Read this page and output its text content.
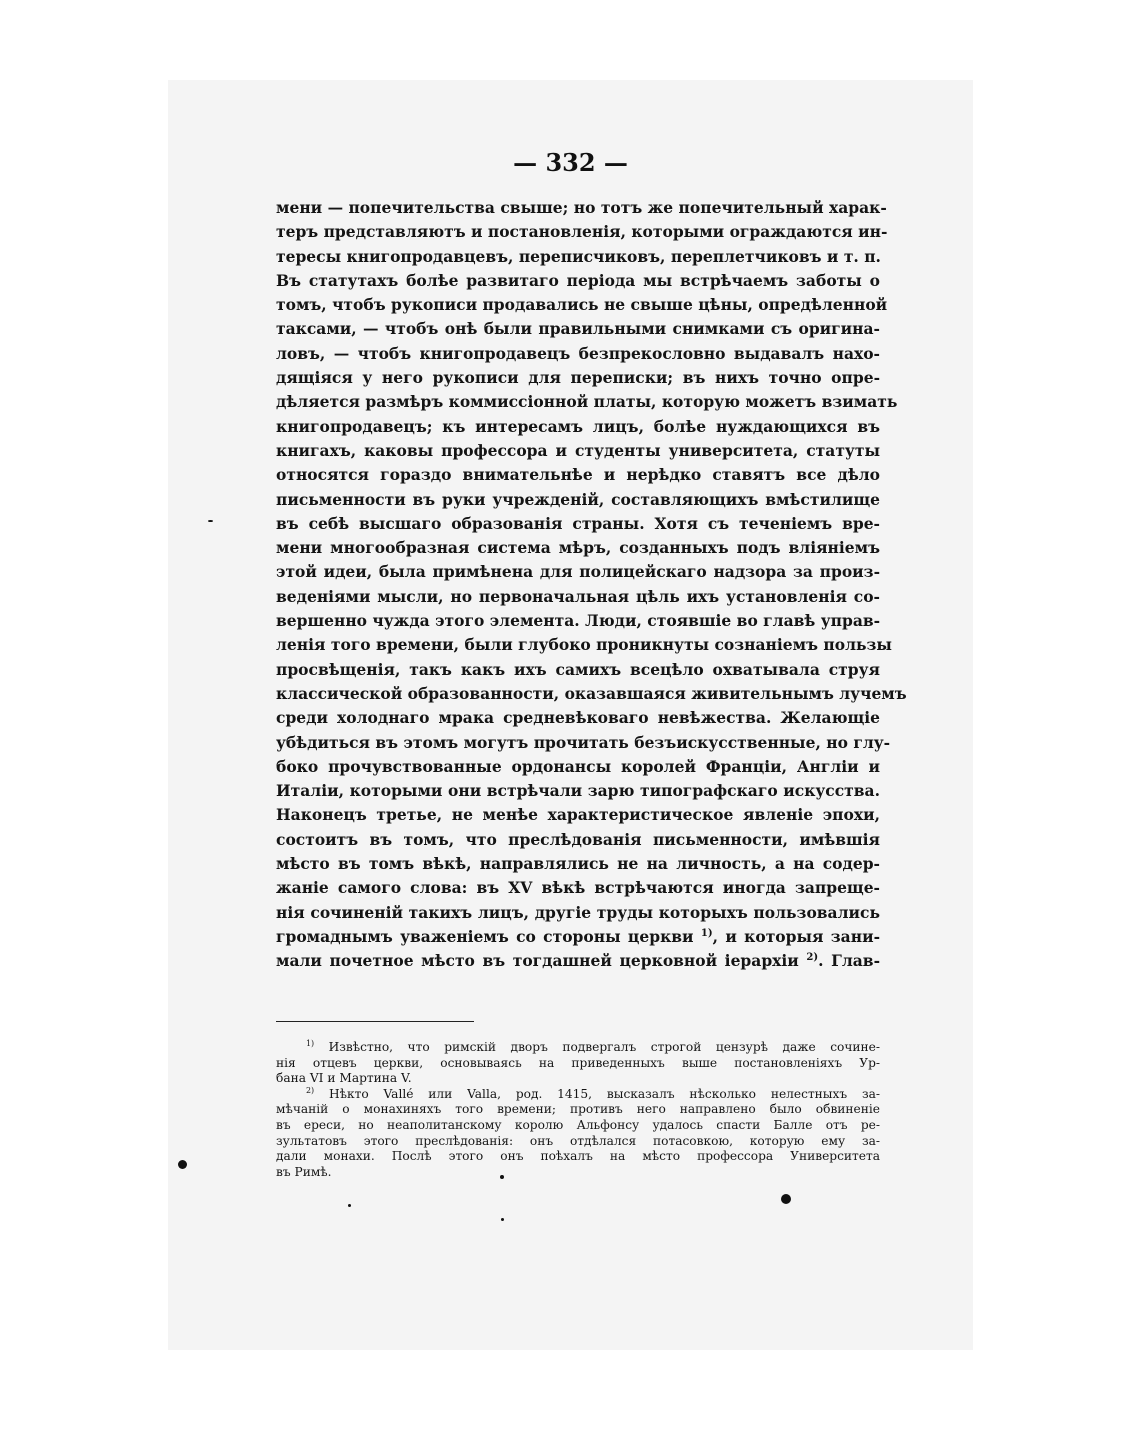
— 332 —
мени — попечительства свыше; но тотъ же попечительный харак-
теръ представляютъ и постановленія, которыми ограждаются ин-
тересы книгопродавцевъ, переписчиковъ, переплетчиковъ и т. п.
Въ статутахъ болѣе развитаго періода мы встрѣчаемъ заботы о
томъ, чтобъ рукописи продавались не свыше цѣны, опредѣленной
таксами, — чтобъ онѣ были правильными снимками съ оригина-
ловъ, — чтобъ книгопродавецъ безпрекословно выдавалъ нахо-
дящіяся у него рукописи для переписки; въ нихъ точно опре-
дѣляется размѣръ коммиссіонной платы, которую можетъ взимать
книгопродавецъ; къ интересамъ лицъ, болѣе нуждающихся въ
книгахъ, каковы профессора и студенты университета, статуты
относятся гораздо внимательнѣе и нерѣдко ставятъ все дѣло
письменности въ руки учрежденій, составляющихъ вмѣстилище
въ себѣ высшаго образованія страны. Хотя съ теченіемъ вре-
мени многообразная система мѣръ, созданныхъ подъ вліяніемъ
этой идеи, была примѣнена для полицейскаго надзора за произ-
веденіями мысли, но первоначальная цѣль ихъ установленія со-
вершенно чужда этого элемента. Люди, стоявшіе во главѣ управ-
ленія того времени, были глубоко проникнуты сознаніемъ пользы
просвѣщенія, такъ какъ ихъ самихъ всецѣло охватывала струя
классической образованности, оказавшаяся живительнымъ лучемъ
среди холоднаго мрака средневѣковаго невѣжества. Желающіе
убѣдиться въ этомъ могутъ прочитать безъискусственные, но глу-
боко прочувствованные ордонансы королей Франціи, Англіи и
Италіи, которыми они встрѣчали зарю типографскаго искусства.
Наконецъ третье, не менѣе характеристическое явленіе эпохи,
состоитъ въ томъ, что преслѣдованія письменности, имѣвшія
мѣсто въ томъ вѣкѣ, направлялись не на личность, а на содер-
жаніе самого слова: въ XV вѣкѣ встрѣчаются иногда запреще-
нія сочиненій такихъ лицъ, другіе труды которыхъ пользовались
громаднымъ уваженіемъ со стороны церкви $^{1)}$, и которыя зани-
мали почетное мѣсто въ тогдашней церковной іерархіи $^{2)}$. Глав-
$^{1)}$ Извѣстно, что римскій дворъ подвергалъ строгой цензурѣ даже сочине-
нія отцевъ церкви, основываясь на приведенныхъ выше постановленіяхъ Ур-
бана VI и Мартина V.
$^{2)}$ Нѣкто Vallé или Valla, род. 1415, высказалъ нѣсколько нелестныхъ за-
мѣчаній о монахиняхъ того времени; противъ него направлено было обвиненіе
въ ереси, но неаполитанскому королю Альфонсу удалось спасти Балле отъ ре-
зультатовъ этого преслѣдованія: онъ отдѣлался потасовкою, которую ему за-
дали монахи. Послѣ этого онъ поѣхалъ на мѣсто профессора Университета
въ Римѣ.
